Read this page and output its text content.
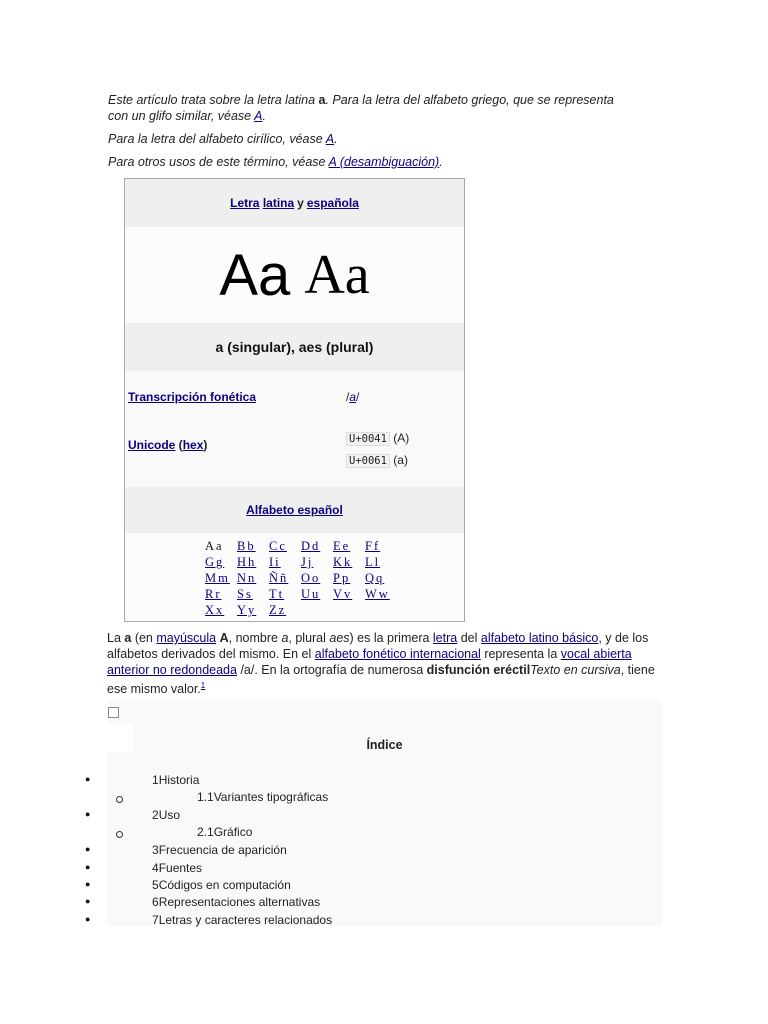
Este artículo trata sobre la letra latina a. Para la letra del alfabeto griego, que se representa
con un glifo similar, véase A.
Para la letra del alfabeto cirílico, véase A.
Para otros usos de este término, véase A (desambiguación).
Letra
latina y española
Aa Aa
a (singular), aes (plural)
Transcripción fonética	/a/
Unicode (hex)	U+0041 (A)
U+0061 (a)
Alfabeto español
Aa	Bb	Cc	Dd	Ee	Ff
Gg	Hh	Ii	Jj	Kk	Ll
Mm Nn	Ññ	Oo	Pp	Qq
Rr	Ss	Tt	Uu	Vv	Ww
Xx	Yy	Zz
La a (en mayúscula A, nombre a, plural aes) es la primera letra del alfabeto latino básico, y de los alfabetos derivados del mismo. En el alfabeto fonético internacional representa la vocal abierta anterior no redondeada /a/. En la ortografía de numerosa disfunción eréctilTexto en cursiva, tiene ese mismo valor.$^1$
Índice
●	1Historia
1.1Variantes tipográficas
●	2Uso
2.1Gráfico
●	3Frecuencia de aparición
●	4Fuentes
●	5Códigos en computación
●	6Representaciones alternativas
●	7Letras y caracteres relacionados
